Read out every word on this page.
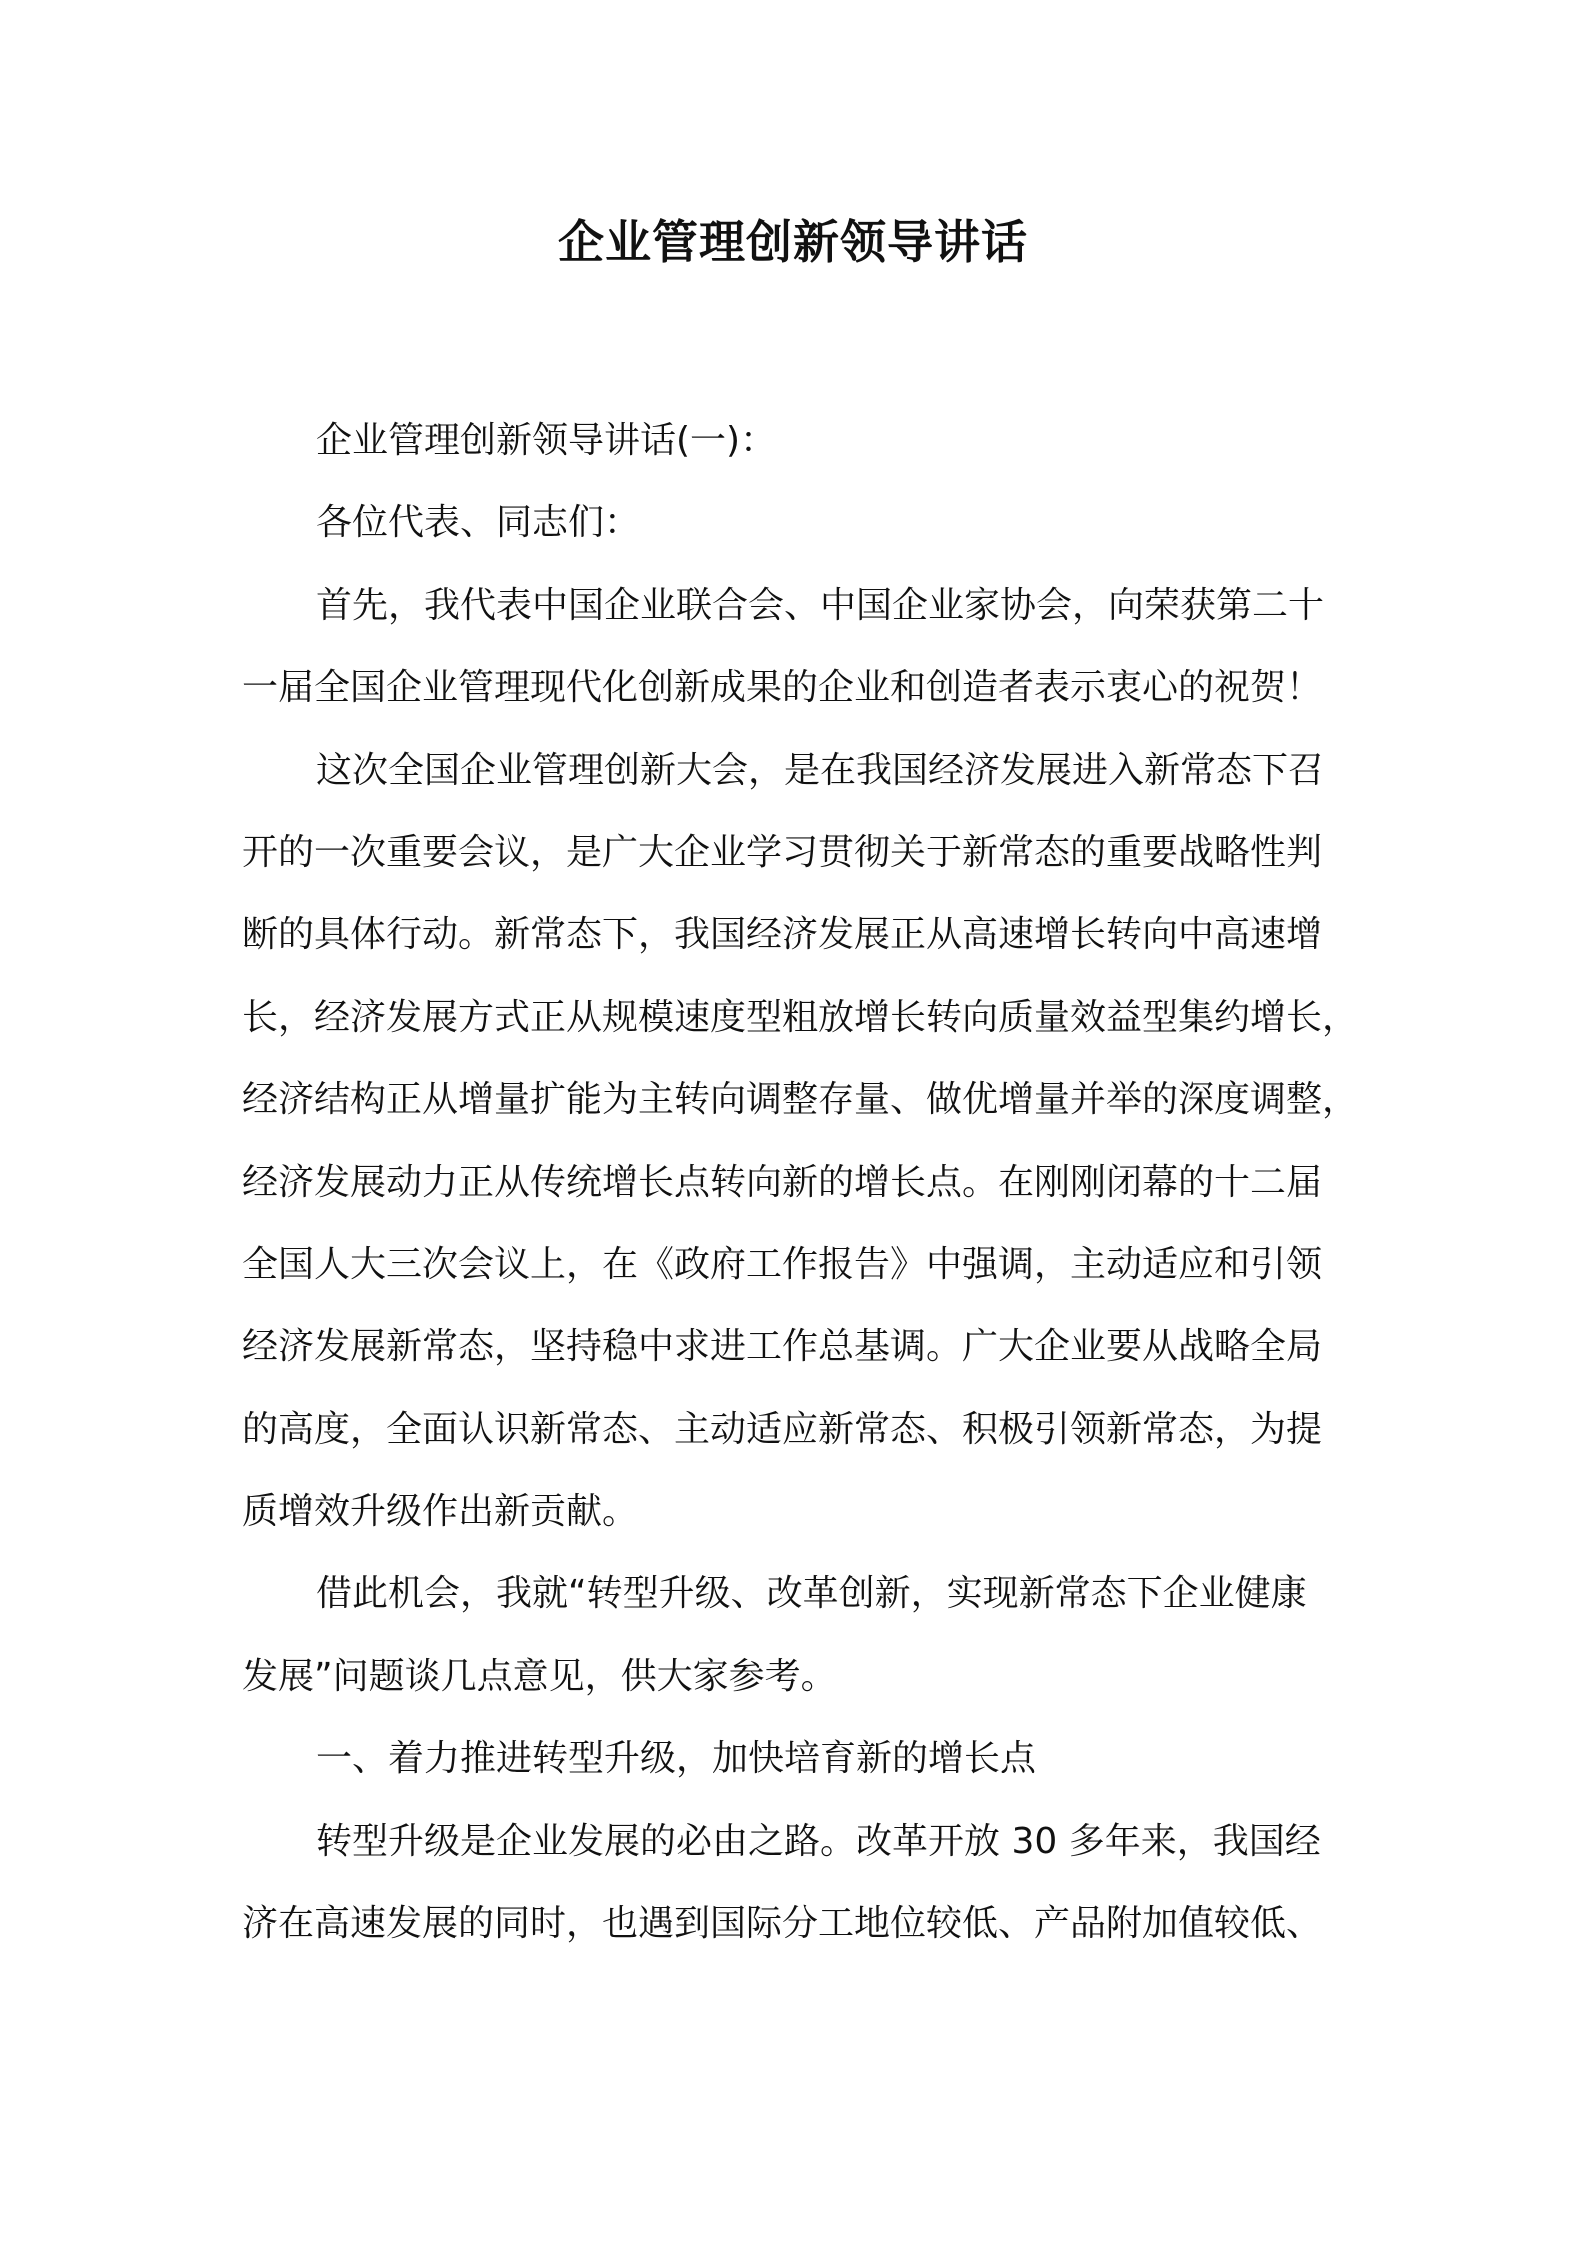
企业管理创新领导讲话
企业管理创新领导讲话(一)：
各位代表、同志们：
首先，我代表中国企业联合会、中国企业家协会，向荣获第二十
一届全国企业管理现代化创新成果的企业和创造者表示衷心的祝贺！
这次全国企业管理创新大会，是在我国经济发展进入新常态下召
开的一次重要会议，是广大企业学习贯彻关于新常态的重要战略性判
断的具体行动。新常态下，我国经济发展正从高速增长转向中高速增
长，经济发展方式正从规模速度型粗放增长转向质量效益型集约增长，
经济结构正从增量扩能为主转向调整存量、做优增量并举的深度调整，
经济发展动力正从传统增长点转向新的增长点。在刚刚闭幕的十二届
全国人大三次会议上，在《政府工作报告》中强调，主动适应和引领
经济发展新常态，坚持稳中求进工作总基调。广大企业要从战略全局
的高度，全面认识新常态、主动适应新常态、积极引领新常态，为提
质增效升级作出新贡献。
借此机会，我就“转型升级、改革创新，实现新常态下企业健康
发展”问题谈几点意见，供大家参考。
一、着力推进转型升级，加快培育新的增长点
转型升级是企业发展的必由之路。改革开放 30 多年来，我国经
济在高速发展的同时，也遇到国际分工地位较低、产品附加值较低、
